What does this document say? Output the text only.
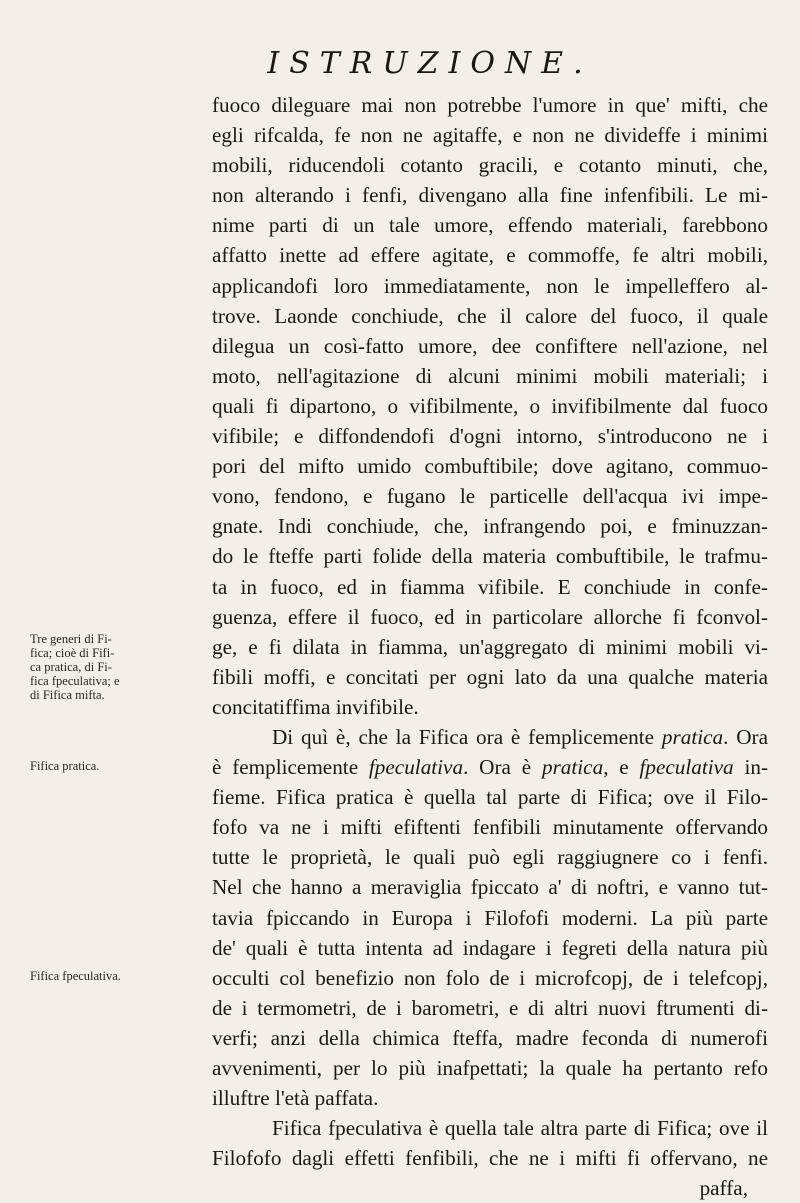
ISTRUZIONE.
fuoco dileguare mai non potrebbe l'umore in que' mifti, che
egli rifcalda, fe non ne agitaffe, e non ne divideffe i minimi
mobili, riducendoli cotanto gracili, e cotanto minuti, che,
non alterando i fenfi, divengano alla fine infenfibili. Le mi-
nime parti di un tale umore, effendo materiali, farebbono
affatto inette ad effere agitate, e commoffe, fe altri mobili,
applicandofi loro immediatamente, non le impelleffero al-
trove. Laonde conchiude, che il calore del fuoco, il quale
dilegua un così-fatto umore, dee confiftere nell'azione, nel
moto, nell'agitazione di alcuni minimi mobili materiali; i
quali fi dipartono, o vifibilmente, o invifibilmente dal fuoco
vifibile; e diffondendofi d'ogni intorno, s'introducono ne i
pori del mifto umido combuftibile; dove agitano, commuo-
vono, fendono, e fugano le particelle dell'acqua ivi impe-
gnate. Indi conchiude, che, infrangendo poi, e fminuzzan-
do le fteffe parti folide della materia combuftibile, le trafmu-
ta in fuoco, ed in fiamma vifibile. E conchiude in confe-
guenza, effere il fuoco, ed in particolare allorche fi fconvol-
ge, e fi dilata in fiamma, un'aggregato di minimi mobili vi-
fibili moffi, e concitati per ogni lato da una qualche materia
concitatiffima invifibile.
Di quì è, che la Fifica ora è femplicemente pratica. Ora
è femplicemente fpeculativa. Ora è pratica, e fpeculativa in-
fieme. Fifica pratica è quella tal parte di Fifica; ove il Filo-
fofo va ne i mifti efiftenti fenfibili minutamente offervando
tutte le proprietà, le quali può egli raggiugnere co i fenfi.
Nel che hanno a meraviglia fpiccato a' di noftri, e vanno tut-
tavia fpiccando in Europa i Filofofi moderni. La più parte
de' quali è tutta intenta ad indagare i fegreti della natura più
occulti col benefizio non folo de i microfcopj, de i telefcopj,
de i termometri, de i barometri, e di altri nuovi ftrumenti di-
verfi; anzi della chimica fteffa, madre feconda di numerofi
avvenimenti, per lo più inafpettati; la quale ha pertanto refo
illuftre l'età paffata.
Fifica fpeculativa è quella tale altra parte di Fifica; ove il
Filofofo dagli effetti fenfibili, che ne i mifti fi offervano, ne
paffa,
Tre generi di Fi-
fica; cioè di Fifi-
ca pratica, di Fi-
fica fpeculativa; e
di Fifica mifta.
Fifica pratica.
Fifica fpeculativa.
